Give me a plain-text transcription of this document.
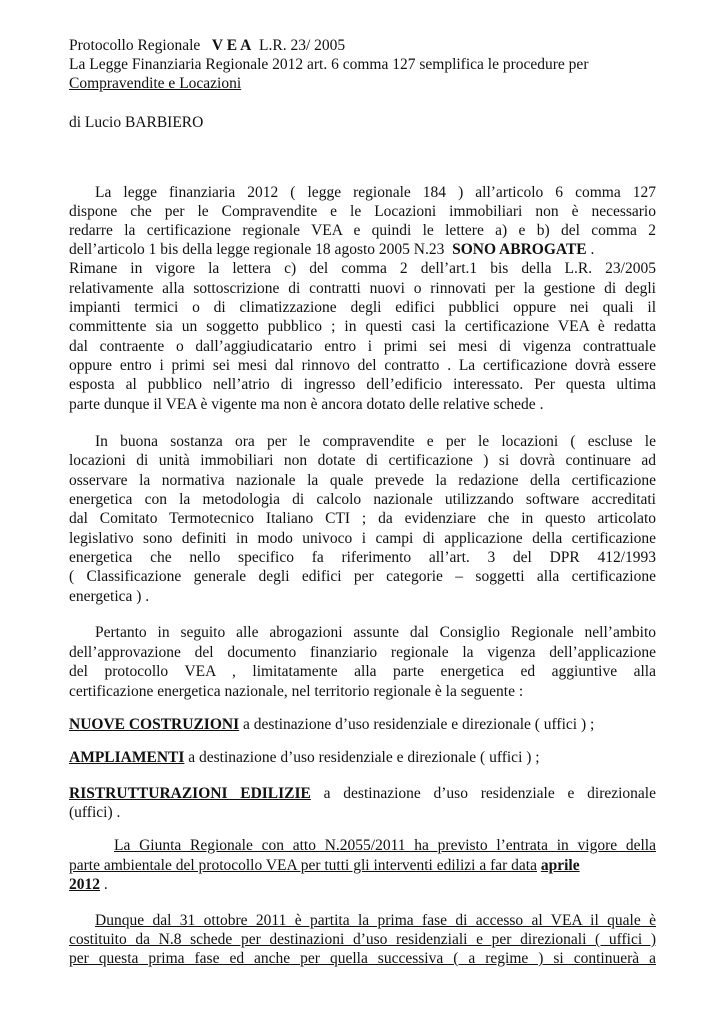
Protocollo Regionale V E A L.R. 23/ 2005
La Legge Finanziaria Regionale 2012 art. 6 comma 127 semplifica le procedure per
Compravendite e Locazioni
di Lucio BARBIERO
La legge finanziaria 2012 ( legge regionale 184 ) all’articolo 6 comma 127
dispone che per le Compravendite e le Locazioni immobiliari non è necessario
redarre la certificazione regionale VEA e quindi le lettere a) e b) del comma 2
dell’articolo 1 bis della legge regionale 18 agosto 2005 N.23 SONO ABROGATE .
Rimane in vigore la lettera c) del comma 2 dell’art.1 bis della L.R. 23/2005
relativamente alla sottoscrizione di contratti nuovi o rinnovati per la gestione di degli
impianti termici o di climatizzazione degli edifici pubblici oppure nei quali il
committente sia un soggetto pubblico ; in questi casi la certificazione VEA è redatta
dal contraente o dall’aggiudicatario entro i primi sei mesi di vigenza contrattuale
oppure entro i primi sei mesi dal rinnovo del contratto . La certificazione dovrà essere
esposta al pubblico nell’atrio di ingresso dell’edificio interessato. Per questa ultima
parte dunque il VEA è vigente ma non è ancora dotato delle relative schede .
In buona sostanza ora per le compravendite e per le locazioni ( escluse le
locazioni di unità immobiliari non dotate di certificazione ) si dovrà continuare ad
osservare la normativa nazionale la quale prevede la redazione della certificazione
energetica con la metodologia di calcolo nazionale utilizzando software accreditati
dal Comitato Termotecnico Italiano CTI ; da evidenziare che in questo articolato
legislativo sono definiti in modo univoco i campi di applicazione della certificazione
energetica che nello specifico fa riferimento all’art. 3 del DPR 412/1993
( Classificazione generale degli edifici per categorie – soggetti alla certificazione
energetica ) .
Pertanto in seguito alle abrogazioni assunte dal Consiglio Regionale nell’ambito
dell’approvazione del documento finanziario regionale la vigenza dell’applicazione
del protocollo VEA , limitatamente alla parte energetica ed aggiuntive alla
certificazione energetica nazionale, nel territorio regionale è la seguente :
NUOVE COSTRUZIONI a destinazione d’uso residenziale e direzionale ( uffici ) ;
AMPLIAMENTI a destinazione d’uso residenziale e direzionale ( uffici ) ;
RISTRUTTURAZIONI EDILIZIE a destinazione d’uso residenziale e direzionale
(uffici) .
La Giunta Regionale con atto N.2055/2011 ha previsto l’entrata in vigore della
parte ambientale del protocollo VEA per tutti gli interventi edilizi a far data aprile
2012 .
Dunque dal 31 ottobre 2011 è partita la prima fase di accesso al VEA il quale è
costituito da N.8 schede per destinazioni d’uso residenziali e per direzionali ( uffici )
per questa prima fase ed anche per quella successiva ( a regime ) si continuerà a
